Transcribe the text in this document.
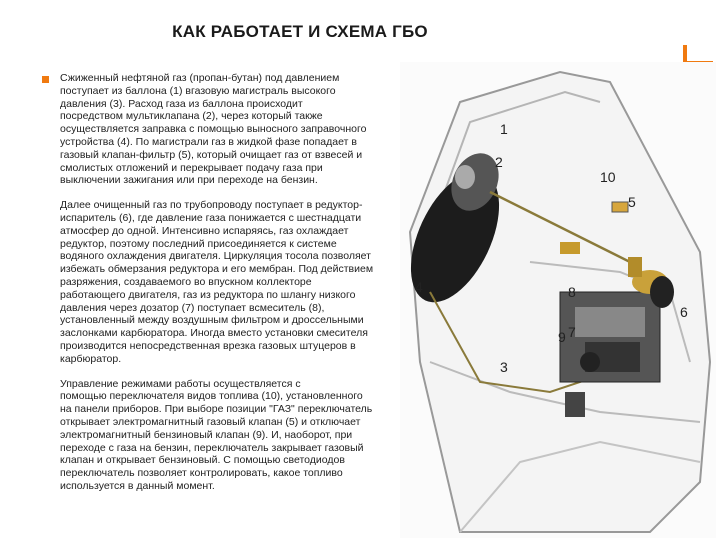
КАК РАБОТАЕТ И СХЕМА ГБО

Сжиженный нефтяной газ (пропан-бутан) под давлением
поступает из баллона (1) вгазовую магистраль высокого
давления (3). Расход газа из баллона происходит
посредством мультиклапана (2), через который также
осуществляется заправка с помощью выносного заправочного
устройства (4). По магистрали газ в жидкой фазе попадает в
газовый клапан-фильтр (5), который очищает газ от взвесей и
смолистых отложений и перекрывает подачу газа при
выключении зажигания или при переходе на бензин.

Далее очищенный газ по трубопроводу поступает в редуктор-
испаритель (6), где давление газа понижается с шестнадцати
атмосфер до одной. Интенсивно испаряясь, газ охлаждает
редуктор, поэтому последний присоединяется к системе
водяного охлаждения двигателя. Циркуляция тосола позволяет
избежать обмерзания редуктора и его мембран. Под действием
разряжения, создаваемого во впускном коллекторе
работающего двигателя, газ из редуктора по шлангу низкого
давления через дозатор (7) поступает всмеситель (8),
установленный между воздушным фильтром и дроссельными
заслонками карбюратора. Иногда вместо установки смесителя
производится непосредственная врезка газовых штуцеров в
карбюратор.

Управление режимами работы осуществляется с
помощью переключателя видов топлива (10), установленного
на панели приборов. При выборе позиции "ГАЗ" переключатель
открывает электромагнитный газовый клапан (5) и отключает
электромагнитный бензиновый клапан (9). И, наоборот, при
переходе с газа на бензин, переключатель закрывает газовый
клапан и открывает бензиновый. С помощью светодиодов
переключатель позволяет контролировать, какое топливо
используется в данный момент.

1
2
10
5
4	8
7
6
9
3
